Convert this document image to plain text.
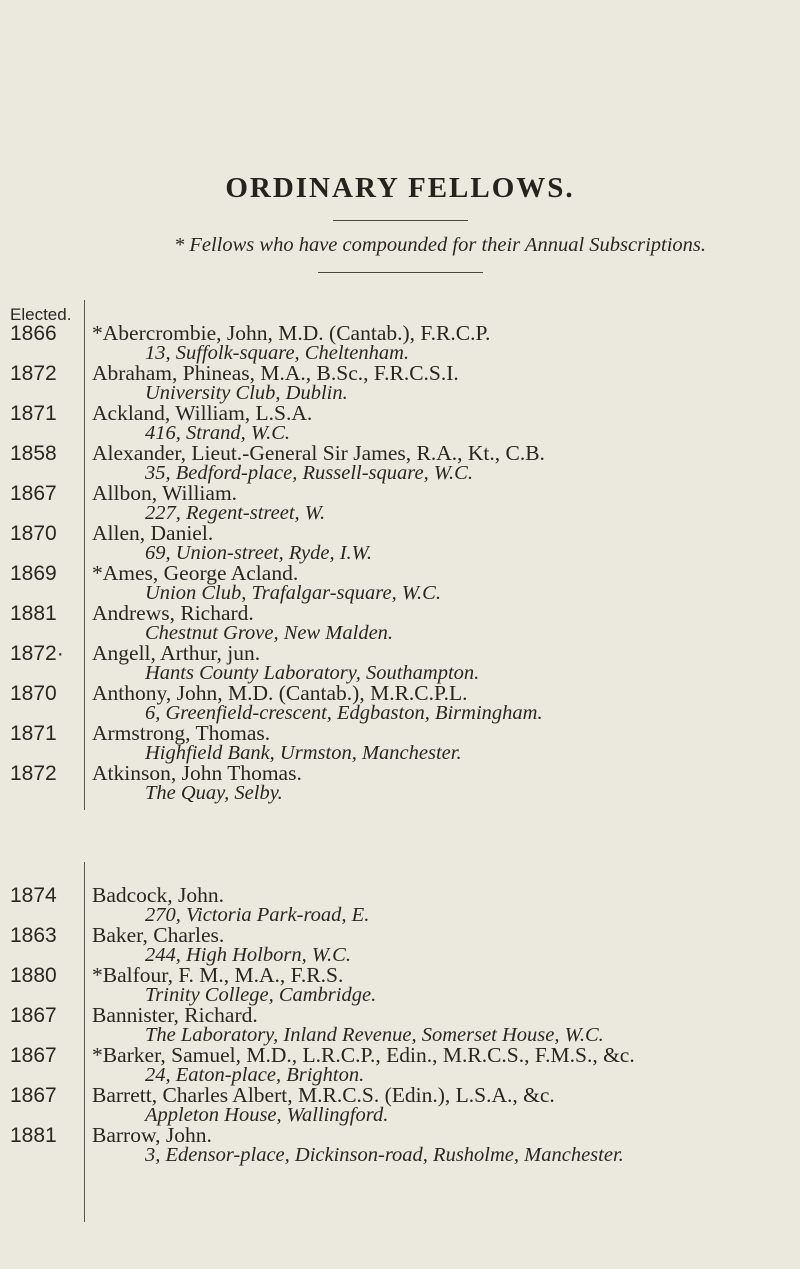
ORDINARY FELLOWS.
* Fellows who have compounded for their Annual Subscriptions.
Elected.
1866 *Abercrombie, John, M.D. (Cantab.), F.R.C.P.
13, Suffolk-square, Cheltenham.
1872 Abraham, Phineas, M.A., B.Sc., F.R.C.S.I.
University Club, Dublin.
1871 Ackland, William, L.S.A.
416, Strand, W.C.
1858 Alexander, Lieut.-General Sir James, R.A., Kt., C.B.
35, Bedford-place, Russell-square, W.C.
1867 Allbon, William.
227, Regent-street, W.
1870 Allen, Daniel.
69, Union-street, Ryde, I.W.
1869 *Ames, George Acland.
Union Club, Trafalgar-square, W.C.
1881 Andrews, Richard.
Chestnut Grove, New Malden.
1872· Angell, Arthur, jun.
Hants County Laboratory, Southampton.
1870 Anthony, John, M.D. (Cantab.), M.R.C.P.L.
6, Greenfield-crescent, Edgbaston, Birmingham.
1871 Armstrong, Thomas.
Highfield Bank, Urmston, Manchester.
1872 Atkinson, John Thomas.
The Quay, Selby.
1874 Badcock, John.
270, Victoria Park-road, E.
1863 Baker, Charles.
244, High Holborn, W.C.
1880 *Balfour, F. M., M.A., F.R.S.
Trinity College, Cambridge.
1867 Bannister, Richard.
The Laboratory, Inland Revenue, Somerset House, W.C.
1867 *Barker, Samuel, M.D., L.R.C.P., Edin., M.R.C.S., F.M.S., &c.
24, Eaton-place, Brighton.
1867 Barrett, Charles Albert, M.R.C.S. (Edin.), L.S.A., &c.
Appleton House, Wallingford.
1881 Barrow, John.
3, Edensor-place, Dickinson-road, Rusholme, Manchester.
